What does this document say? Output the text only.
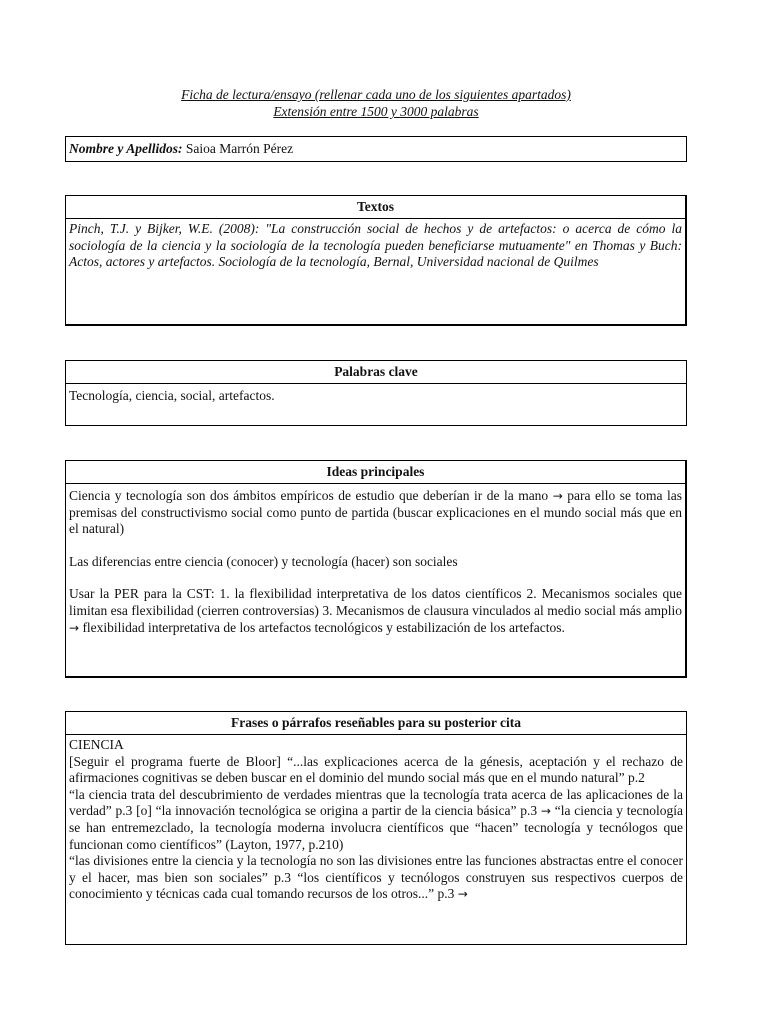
Ficha de lectura/ensayo (rellenar cada uno de los siguientes apartados)
Extensión entre 1500 y 3000 palabras
Nombre y Apellidos: Saioa Marrón Pérez
Textos
Pinch, T.J. y Bijker, W.E. (2008): "La construcción social de hechos y de artefactos: o acerca de cómo la sociología de la ciencia y la sociología de la tecnología pueden beneficiarse mutuamente" en Thomas y Buch: Actos, actores y artefactos. Sociología de la tecnología, Bernal, Universidad nacional de Quilmes
Palabras clave
Tecnología, ciencia, social, artefactos.
Ideas principales

Ciencia y tecnología son dos ámbitos empíricos de estudio que deberían ir de la mano → para ello se toma las premisas del constructivismo social como punto de partida (buscar explicaciones en el mundo social más que en el natural)

Las diferencias entre ciencia (conocer) y tecnología (hacer) son sociales

Usar la PER para la CST: 1. la flexibilidad interpretativa de los datos científicos 2. Mecanismos sociales que limitan esa flexibilidad (cierren controversias) 3. Mecanismos de clausura vinculados al medio social más amplio → flexibilidad interpretativa de los artefactos tecnológicos y estabilización de los artefactos.

Frases o párrafos reseñables para su posterior cita

CIENCIA

[Seguir el programa fuerte de Bloor] “...las explicaciones acerca de la génesis, aceptación y el rechazo de afirmaciones cognitivas se deben buscar en el dominio del mundo social más que en el mundo natural” p.2

“la ciencia trata del descubrimiento de verdades mientras que la tecnología trata acerca de las aplicaciones de la verdad” p.3 [o] “la innovación tecnológica se origina a partir de la ciencia básica” p.3 → “la ciencia y tecnología se han entremezclado, la tecnología moderna involucra científicos que “hacen” tecnología y tecnólogos que funcionan como científicos” (Layton, 1977, p.210)

“las divisiones entre la ciencia y la tecnología no son las divisiones entre las funciones abstractas entre el conocer y el hacer, mas bien son sociales” p.3 “los científicos y tecnólogos construyen sus respectivos cuerpos de conocimiento y técnicas cada cual tomando recursos de los otros...” p.3 →
